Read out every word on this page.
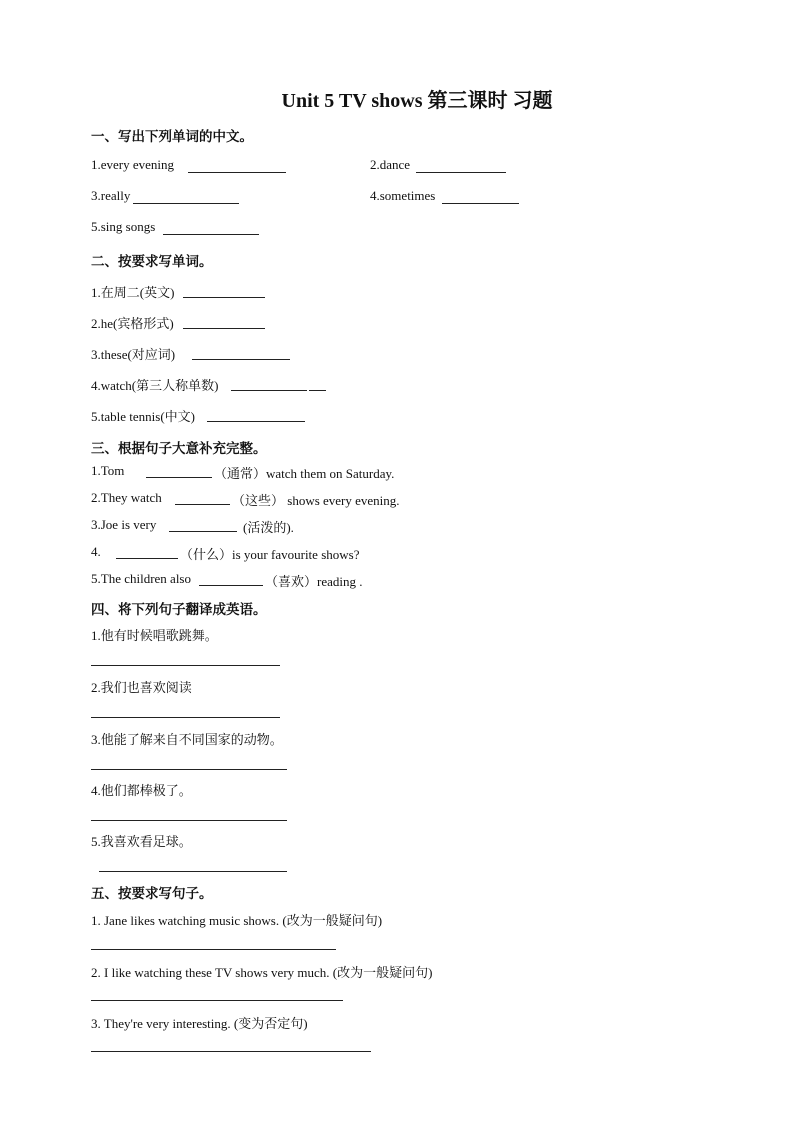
Unit 5 TV shows 第三课时 习题
一、写出下列单词的中文。
1.every evening	2.dance
3.really	4.sometimes
5.sing songs
二、按要求写单词。
1.在周二(英文)
2.he(宾格形式)
3.these(对应词)
4.watch(第三人称单数)
5.table tennis(中文)
三、根据句子大意补充完整。
1.Tom	（通常）watch them on Saturday.
2.They watch	（这些） shows every evening.
3.Joe is very	(活泼的).
4.	（什么）is your favourite shows?
5.The children also	（喜欢）reading .
四、将下列句子翻译成英语。
1.他有时候唱歌跳舞。
2.我们也喜欢阅读
3.他能了解来自不同国家的动物。
4.他们都棒极了。
5.我喜欢看足球。
五、按要求写句子。
1. Jane likes watching music shows. (改为一般疑问句)
2. I like watching these TV shows very much. (改为一般疑问句)
3. They're very interesting. (变为否定句)
